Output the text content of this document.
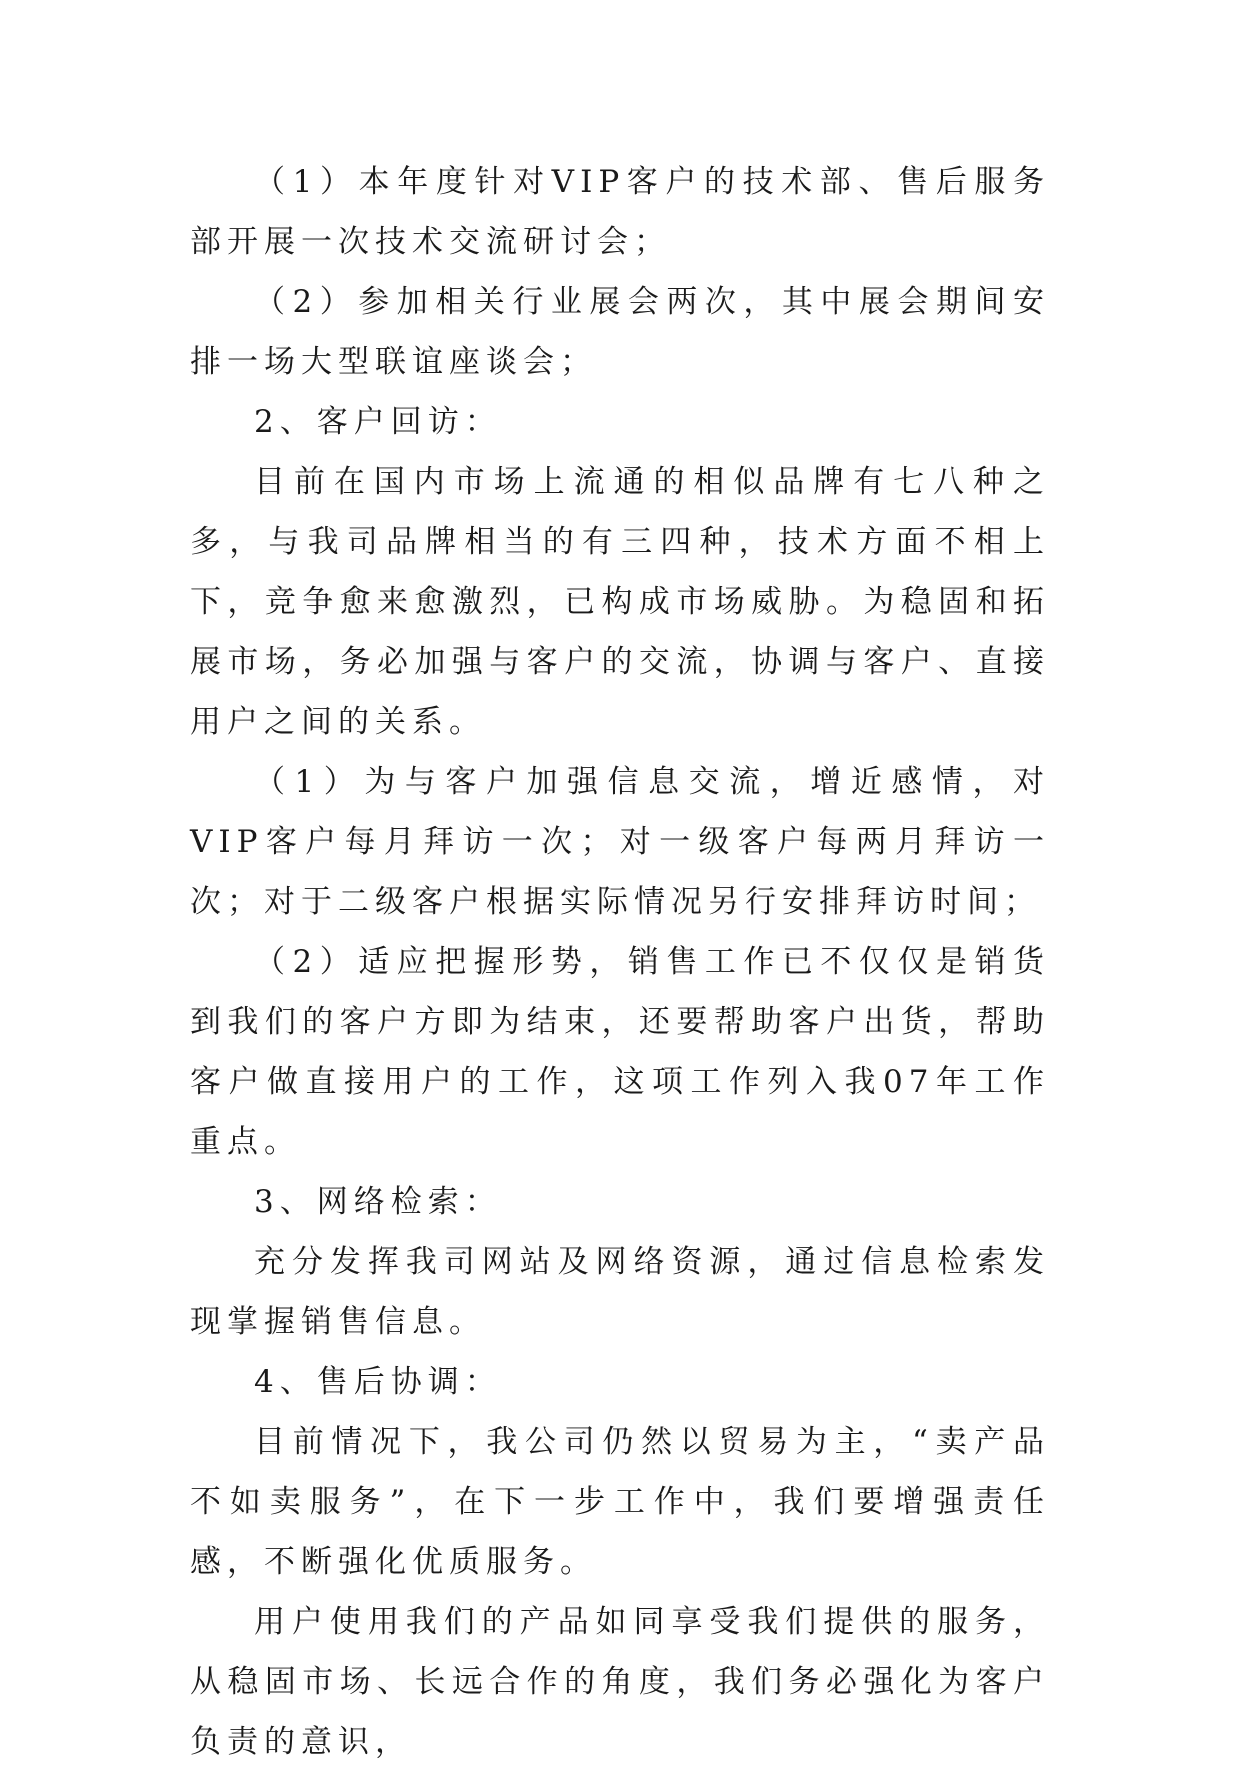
（1）本年度针对VIP客户的技术部、售后服务部开展一次技术交流研讨会；

（2）参加相关行业展会两次，其中展会期间安排一场大型联谊座谈会；

2、客户回访：

目前在国内市场上流通的相似品牌有七八种之多，与我司品牌相当的有三四种，技术方面不相上下，竞争愈来愈激烈，已构成市场威胁。为稳固和拓展市场，务必加强与客户的交流，协调与客户、直接用户之间的关系。

（1）为与客户加强信息交流，增近感情，对VIP客户每月拜访一次；对一级客户每两月拜访一次；对于二级客户根据实际情况另行安排拜访时间；

（2）适应把握形势，销售工作已不仅仅是销货到我们的客户方即为结束，还要帮助客户出货，帮助客户做直接用户的工作，这项工作列入我07年工作重点。

3、网络检索：

充分发挥我司网站及网络资源，通过信息检索发现掌握销售信息。

4、售后协调：

目前情况下，我公司仍然以贸易为主，“卖产品不如卖服务”，在下一步工作中，我们要增强责任感，不断强化优质服务。

用户使用我们的产品如同享受我们提供的服务，从稳固市场、长远合作的角度，我们务必强化为客户负责的意识，
